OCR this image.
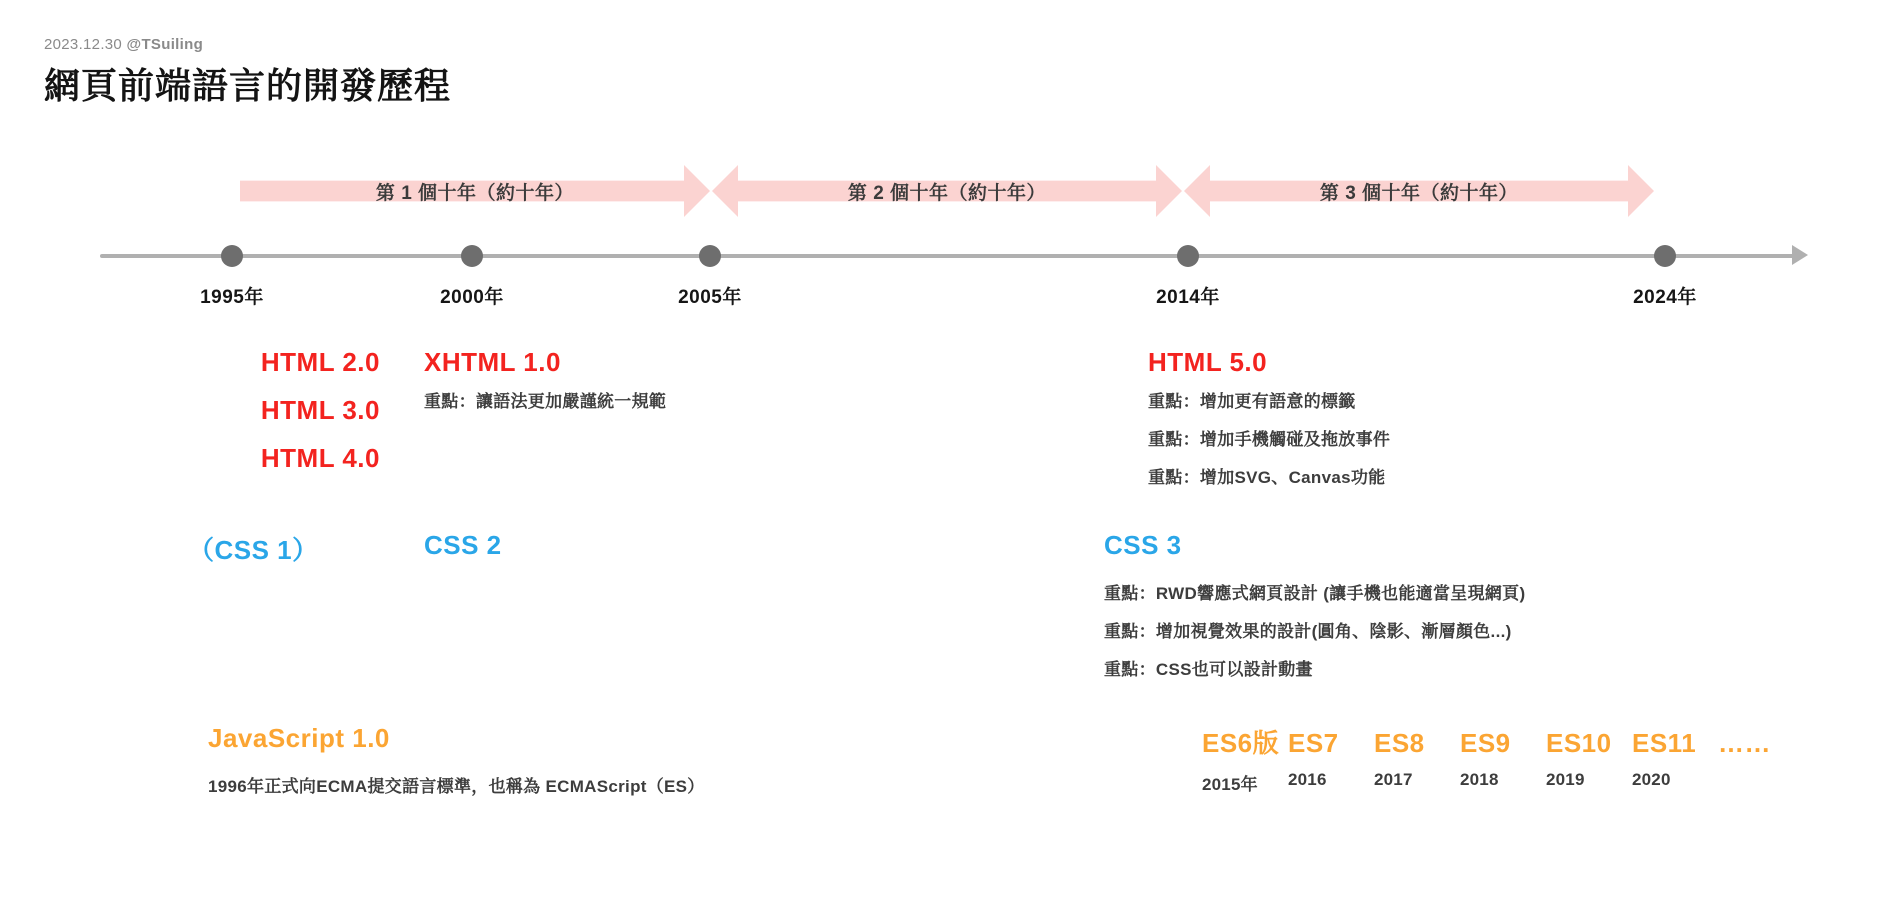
2023.12.30 @TSuiling
網頁前端語言的開發歷程
第 1 個十年（約十年）	第 2 個十年（約十年）	第 3 個十年（約十年）
1995年	2000年	2005年	2014年	2024年
HTML 2.0
HTML 3.0
HTML 4.0
XHTML 1.0
重點：讓語法更加嚴謹統一規範
HTML 5.0
重點：增加更有語意的標籤
重點：增加手機觸碰及拖放事件
重點：增加SVG、Canvas功能
（CSS 1）	CSS 2	CSS 3
重點：RWD響應式網頁設計 (讓手機也能適當呈現網頁)
重點：增加視覺效果的設計(圓角、陰影、漸層顏色...)
重點：CSS也可以設計動畫
JavaScript 1.0
1996年正式向ECMA提交語言標準，也稱為 ECMAScript（ES）
ES6版 ES7	ES8	ES9	ES10 ES11 ……
2015年	2016	2017	2018	2019	2020
